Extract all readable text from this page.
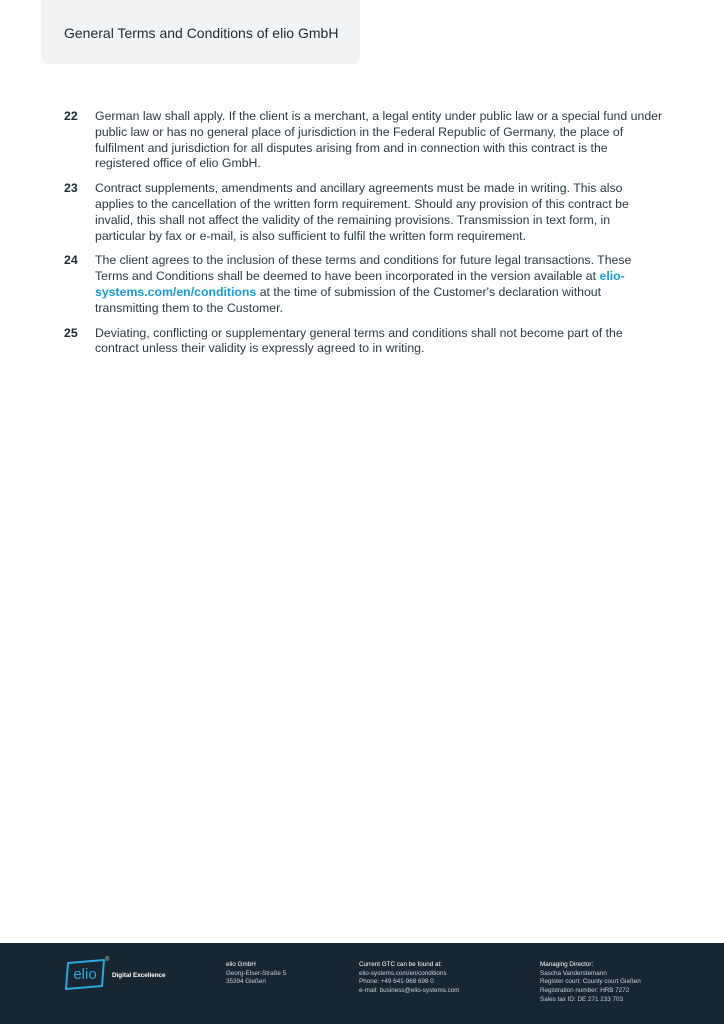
General Terms and Conditions of elio GmbH
22 German law shall apply. If the client is a merchant, a legal entity under public law or a special fund under public law or has no general place of jurisdiction in the Federal Republic of Germany, the place of fulfilment and jurisdiction for all disputes arising from and in connection with this contract is the registered office of elio GmbH.
23 Contract supplements, amendments and ancillary agreements must be made in writing. This also applies to the cancellation of the written form requirement. Should any provision of this contract be invalid, this shall not affect the validity of the remaining provisions. Transmission in text form, in particular by fax or e-mail, is also sufficient to fulfil the written form requirement.
24 The client agrees to the inclusion of these terms and conditions for future legal transactions. These Terms and Conditions shall be deemed to have been incorporated in the version available at elio-systems.com/en/conditions at the time of submission of the Customer's declaration without transmitting them to the Customer.
25 Deviating, conflicting or supplementary general terms and conditions shall not become part of the contract unless their validity is expressly agreed to in writing.
elio
®
Digital Excellence
elio GmbH
Georg-Elser-Straße 5
35394 Gießen
Current GTC can be found at:
elio-systems.com/en/conditions
Phone: +49 641-968 698 0
e-mail: business@elio-systems.com
Managing Director:
Sascha Vanderstemann
Register court: County court Gießen
Registration number: HRB 7272
Sales tax ID: DE 271 233 703
